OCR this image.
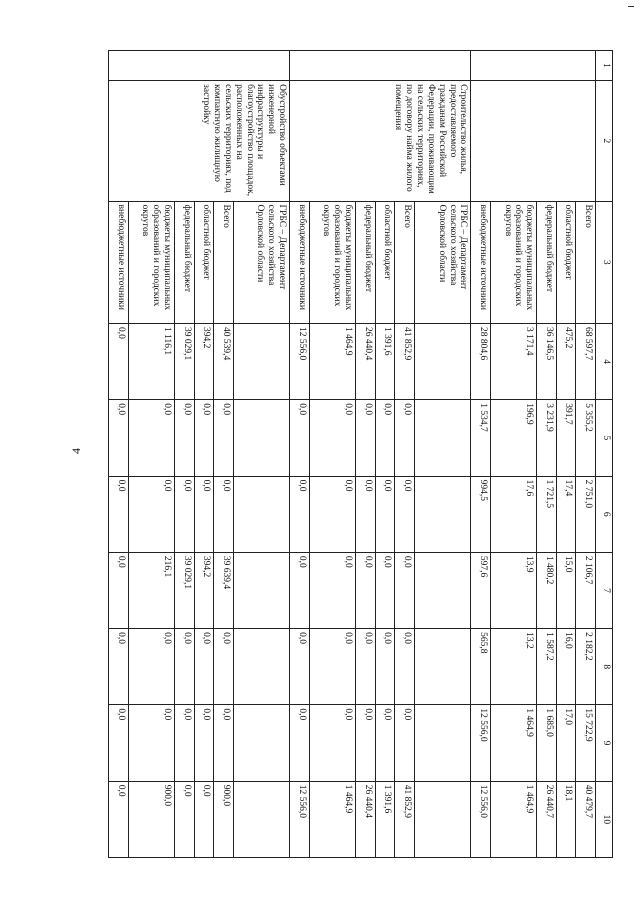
4
1	2	3	4	5	6	7	8	9	10
		Всего	68 597,7	5 355,2	2 751,0	2 106,7	2 182,2	15 722,9	40 479,7
		областной бюджет	475,2	391,7	17,4	15,0	16,0	17,0	18,1
		федеральный бюджет	36 146,5	3 231,9	1 721,5	1 480,2	1 587,2	1 685,0	26 440,7
		бюджеты муниципальных образований и городских округов	3 171,4	196,9	17,6	13,9	13,2	1 464,9	1 464,9
		внебюджетные источники	28 804,6	1 534,7	994,5	597,6	565,8	12 556,0	12 556,0
	Строительство жилья, предоставляемого гражданам Российской Федерации, проживающим на сельских территориях, по договору найма жилого помещения	ГРБС – Департамент сельского хозяйства Орловской области							
		Всего	41 852,9	0,0	0,0	0,0	0,0	0,0	41 852,9
		областной бюджет	1 391,6	0,0	0,0	0,0	0,0	0,0	1 391,6
		федеральный бюджет	26 440,4	0,0	0,0	0,0	0,0	0,0	26 440,4
		бюджеты муниципальных образований и городских округов	1 464,9	0,0	0,0	0,0	0,0	0,0	1 464,9
		внебюджетные источники	12 556,0	0,0	0,0	0,0	0,0	0,0	12 556,0
	Обустройство объектами инженерной инфраструктуры и благоустройство площадок, расположенных на сельских территориях, под компактную жилищную застройку	ГРБС – Департамент сельского хозяйства Орловской области							
		Всего	40 539,4	0,0	0,0	39 639,4	0,0	0,0	900,0
		областной бюджет	394,2	0,0	0,0	394,2	0,0	0,0	0,0
		федеральный бюджет	39 029,1	0,0	0,0	39 029,1	0,0	0,0	0,0
		бюджеты муниципальных образований и городских округов	1 116,1	0,0	0,0	216,1	0,0	0,0	900,0
		внебюджетные источники	0,0	0,0	0,0	0,0	0,0	0,0	0,0
